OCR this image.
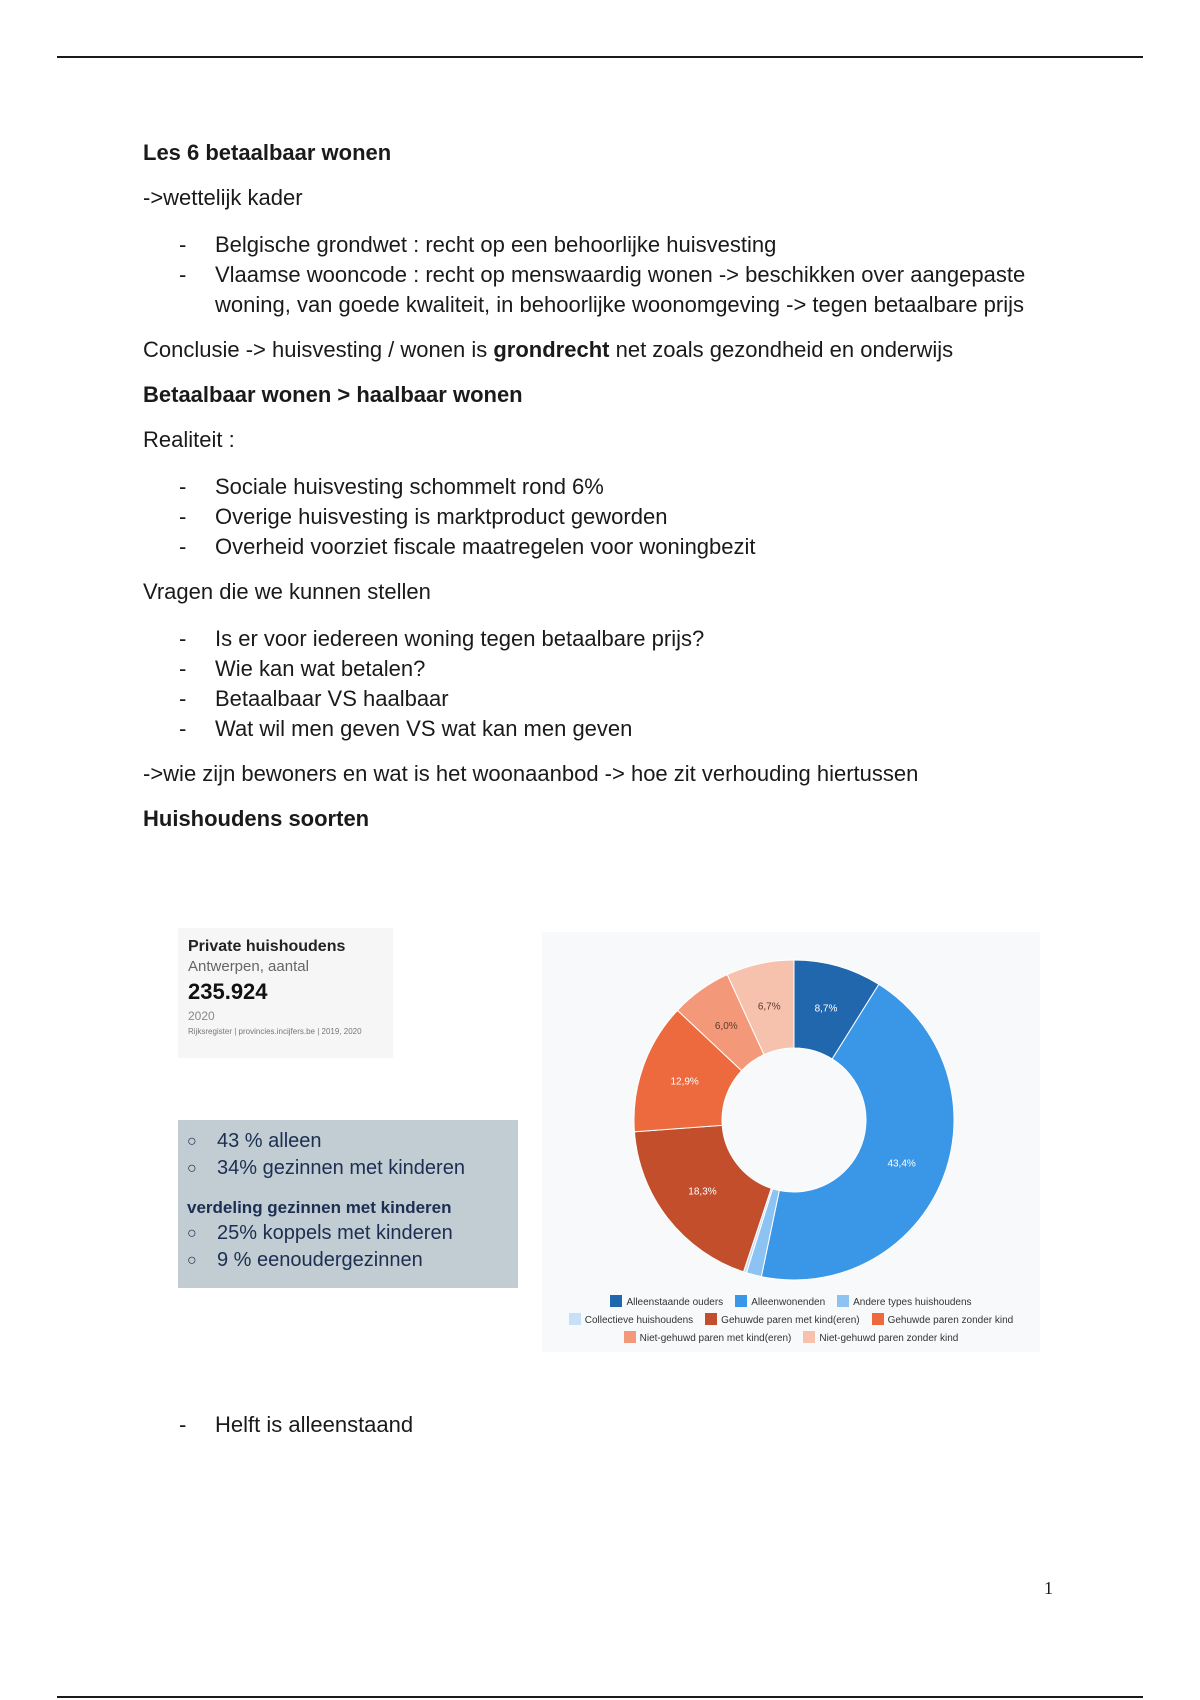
Les 6 betaalbaar wonen
->wettelijk kader
- Belgische grondwet : recht op een behoorlijke huisvesting
- Vlaamse wooncode : recht op menswaardig wonen -> beschikken over aangepaste woning, van goede kwaliteit, in behoorlijke woonomgeving -> tegen betaalbare prijs
Conclusie -> huisvesting / wonen is grondrecht net zoals gezondheid en onderwijs
Betaalbaar wonen > haalbaar wonen
Realiteit :
- Sociale huisvesting schommelt rond 6%
- Overige huisvesting is marktproduct geworden
- Overheid voorziet fiscale maatregelen voor woningbezit
Vragen die we kunnen stellen
- Is er voor iedereen woning tegen betaalbare prijs?
- Wie kan wat betalen?
- Betaalbaar VS haalbaar
- Wat wil men geven VS wat kan men geven
->wie zijn bewoners en wat is het woonaanbod -> hoe zit verhouding hiertussen
Huishoudens soorten
Private huishoudens
Antwerpen, aantal
235.924
2020
Rijksregister | provincies.incijfers.be | 2019, 2020
○	43 % alleen
○	34% gezinnen met kinderen
verdeling gezinnen met kinderen
○	25% koppels met kinderen
○	9 % eenoudergezinnen
8,7%
43,4%
18,3%
12,9%
6,0%
6,7%
Alleenstaande ouders	Alleenwonenden	Andere types huishoudensCollectieve huishoudens	Gehuwde paren met kind(eren)	Gehuwde paren zonder kindNiet-gehuwd paren met kind(eren)	Niet-gehuwd paren zonder kind
- Helft is alleenstaand
1
